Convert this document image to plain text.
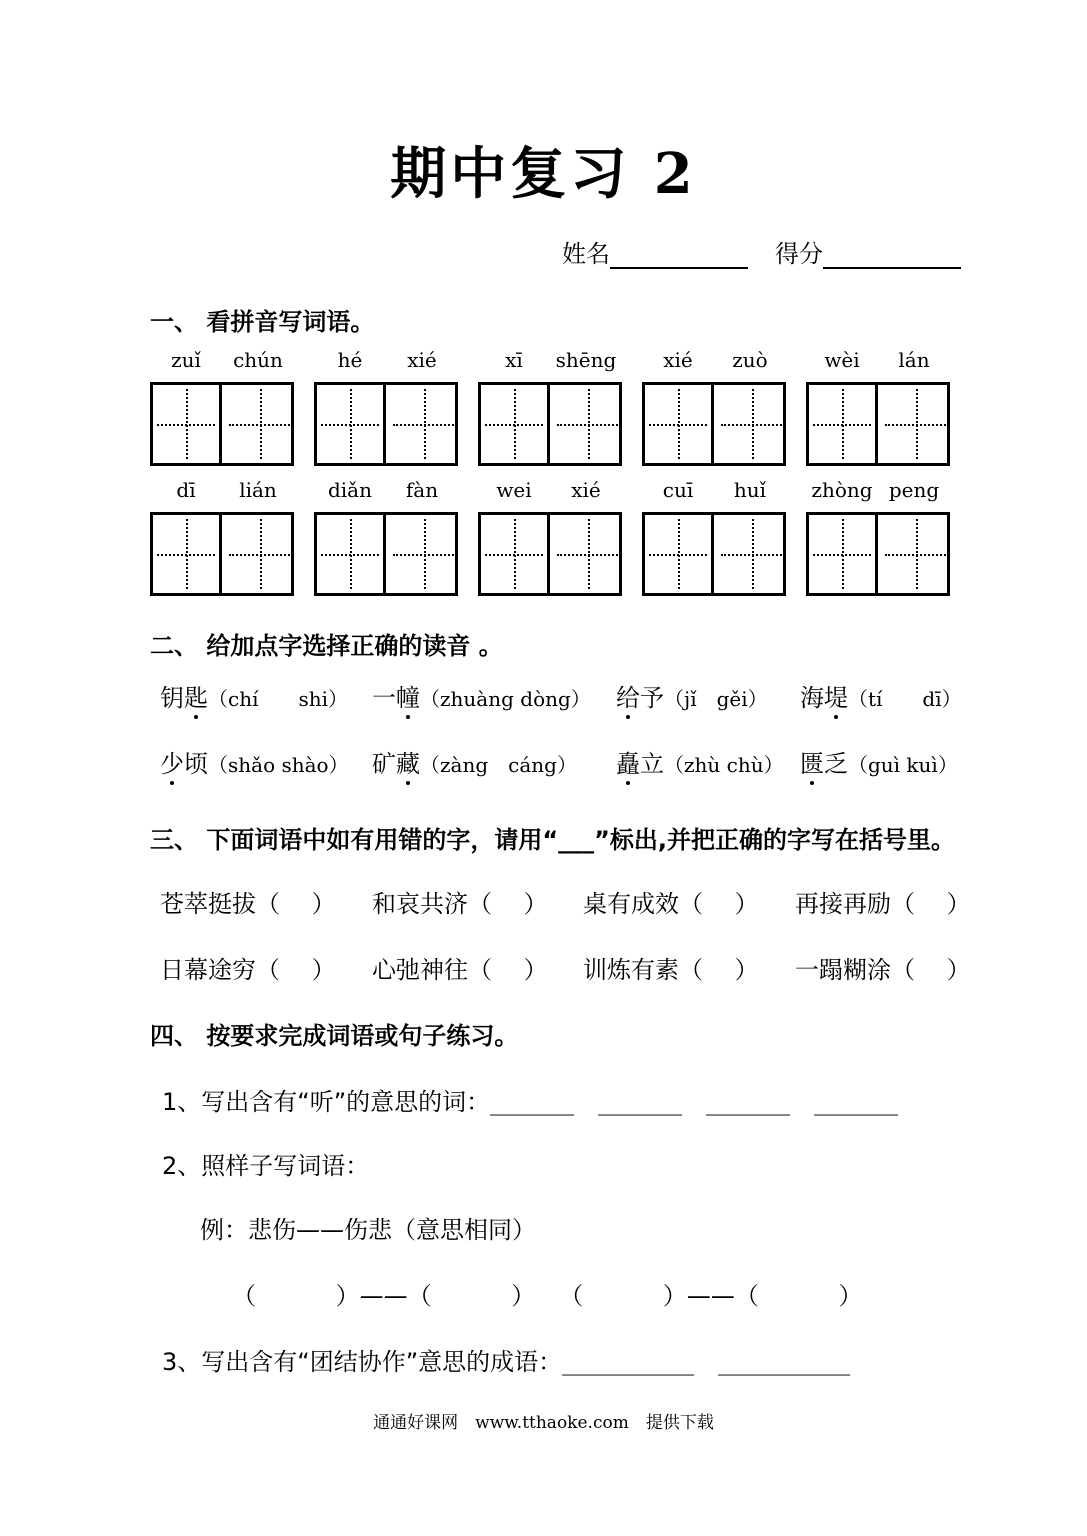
期中复习 2
姓名	得分
一、 看拼音写词语。
zuǐ	chún	hé	xié	xī	shēng	xié	zuò	wèi	lán
dī	lián	diǎn	fàn	wei	xié	cuī	huǐ	zhòng peng
二、 给加点字选择正确的读音 。
钥匙（chí　　shi） 一幢（zhuàng dòng） 给予（jǐ　gěi） 海堤（tí　　dī）
少顷（shǎo shào） 矿藏（zàng　cáng） 矗立（zhù chù） 匮乏（guì kuì）
三、 下面词语中如有用错的字，请用“___”标出,并把正确的字写在括号里。
苍萃挺拔（　 ） 和哀共济（　 ） 桌有成效（　 ） 再接再励（　 ）
日幕途穷（　 ） 心弛神往（　 ） 训炼有素（　 ） 一蹋糊涂（　 ）
四、 按要求完成词语或句子练习。
1、写出含有“听”的意思的词：_______　_______　_______　_______
2、照样子写词语：
例：悲伤——伤悲（意思相同）
（　　　 ）——（　　　 ）　　（　　　 ）——（　　　 ）
3、写出含有“团结协作”意思的成语：___________　___________
通通好课网　www.tthaoke.com　提供下载
